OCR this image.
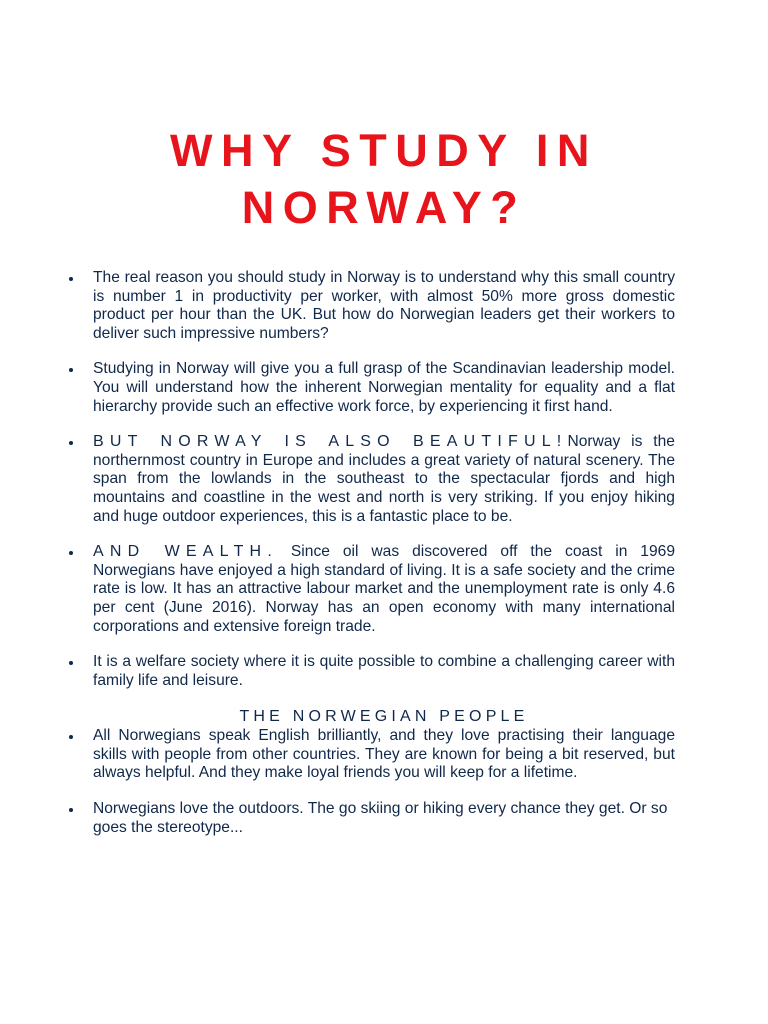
WHY STUDY IN
NORWAY?
The real reason you should study in Norway is to understand why this small country is number 1 in productivity per worker, with almost 50% more gross domestic product per hour than the UK. But how do Norwegian leaders get their workers to deliver such impressive numbers?
Studying in Norway will give you a full grasp of the Scandinavian leadership model. You will understand how the inherent Norwegian mentality for equality and a flat hierarchy provide such an effective work force, by experiencing it first hand.
BUT NORWAY IS ALSO BEAUTIFUL!Norway is the northernmost country in Europe and includes a great variety of natural scenery. The span from the lowlands in the southeast to the spectacular fjords and high mountains and coastline in the west and north is very striking. If you enjoy hiking and huge outdoor experiences, this is a fantastic place to be.
AND WEALTH. Since oil was discovered off the coast in 1969 Norwegians have enjoyed a high standard of living. It is a safe society and the crime rate is low. It has an attractive labour market and the unemployment rate is only 4.6 per cent (June 2016). Norway has an open economy with many international corporations and extensive foreign trade.
It is a welfare society where it is quite possible to combine a challenging career with family life and leisure.
THE NORWEGIAN PEOPLE
All Norwegians speak English brilliantly, and they love practising their language skills with people from other countries. They are known for being a bit reserved, but always helpful. And they make loyal friends you will keep for a lifetime.
Norwegians love the outdoors. The go skiing or hiking every chance they get. Or so goes the stereotype...
